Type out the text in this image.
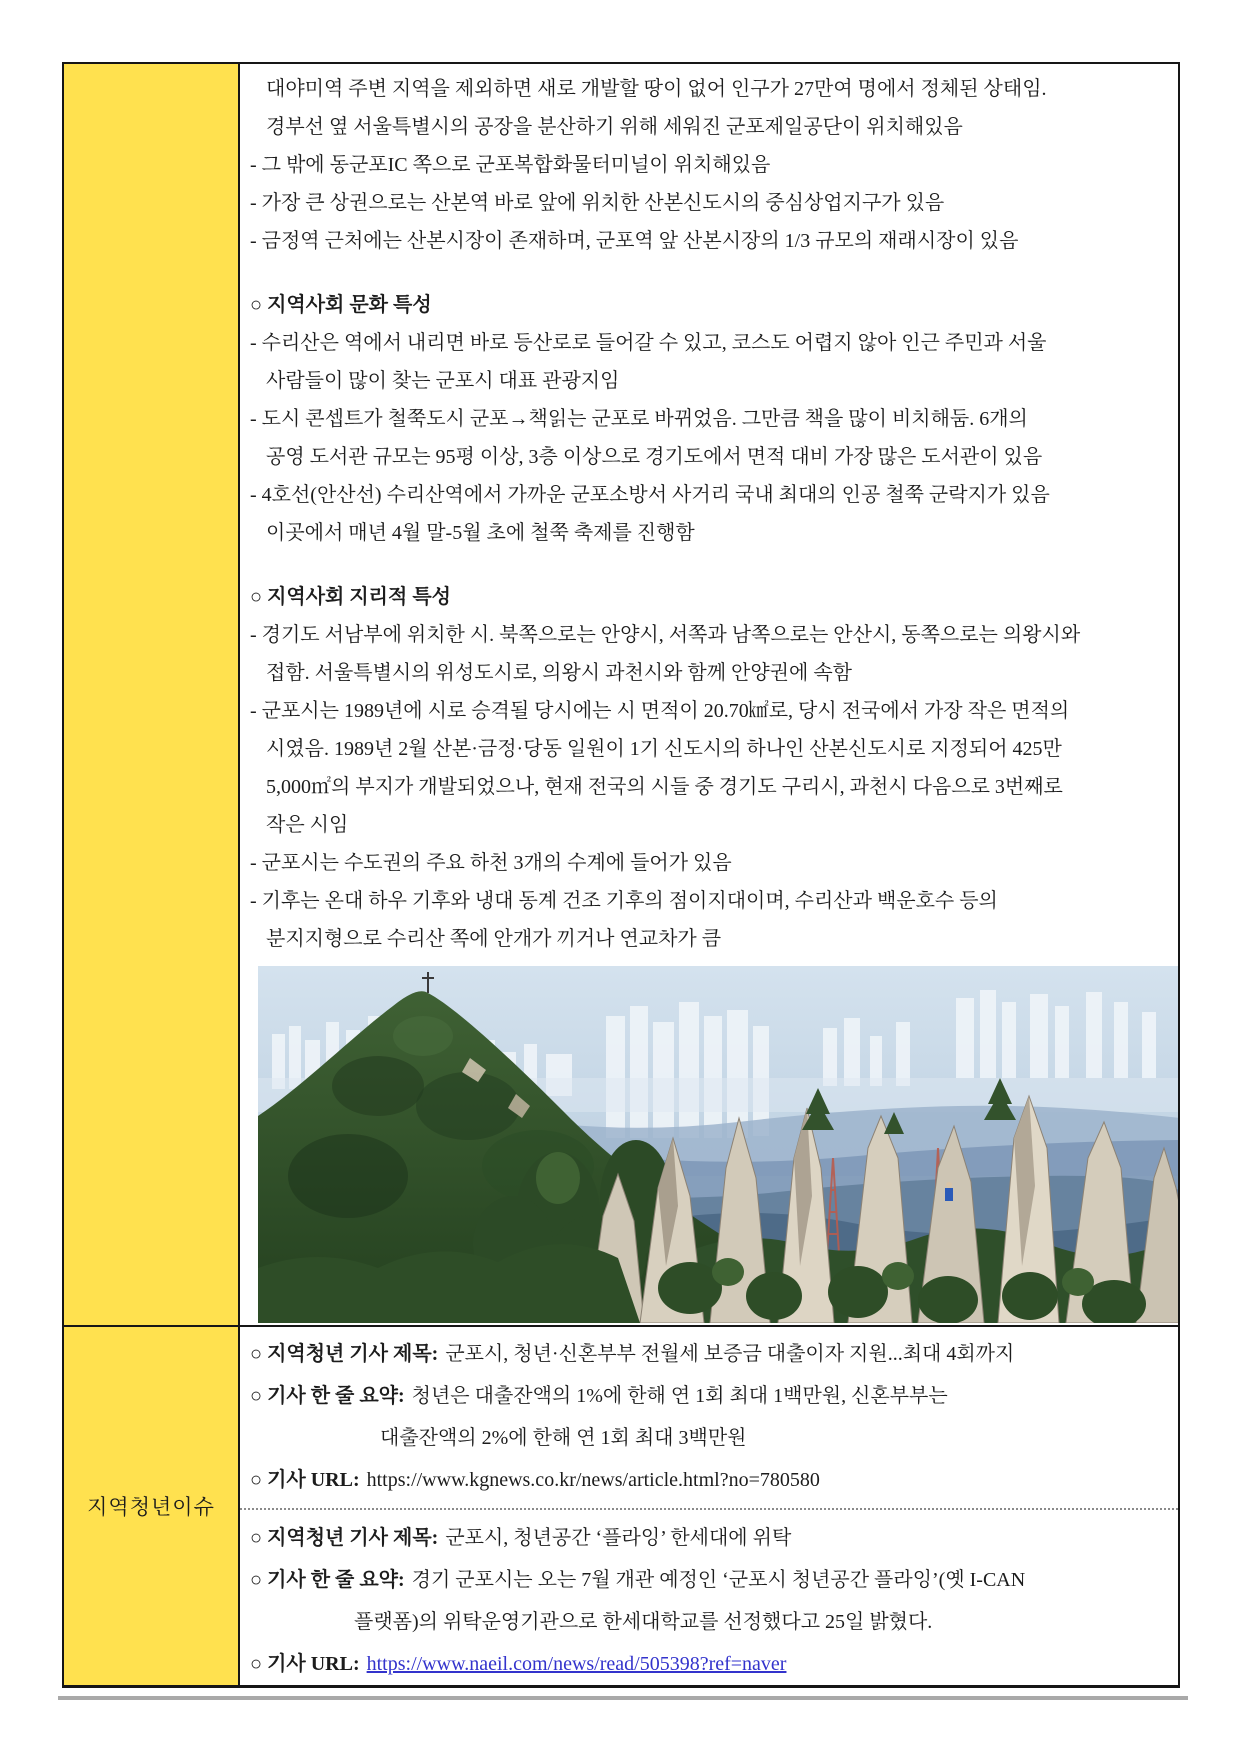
대야미역 주변 지역을 제외하면 새로 개발할 땅이 없어 인구가 27만여 명에서 정체된 상태임.
경부선 옆 서울특별시의 공장을 분산하기 위해 세워진 군포제일공단이 위치해있음
- 그 밖에 동군포IC 쪽으로 군포복합화물터미널이 위치해있음
- 가장 큰 상권으로는 산본역 바로 앞에 위치한 산본신도시의 중심상업지구가 있음
- 금정역 근처에는 산본시장이 존재하며, 군포역 앞 산본시장의 1/3 규모의 재래시장이 있음
○ 지역사회 문화 특성
- 수리산은 역에서 내리면 바로 등산로로 들어갈 수 있고, 코스도 어렵지 않아 인근 주민과 서울
사람들이 많이 찾는 군포시 대표 관광지임
- 도시 콘셉트가 철쭉도시 군포→책읽는 군포로 바뀌었음. 그만큼 책을 많이 비치해둠. 6개의
공영 도서관 규모는 95평 이상, 3층 이상으로 경기도에서 면적 대비 가장 많은 도서관이 있음
- 4호선(안산선) 수리산역에서 가까운 군포소방서 사거리 국내 최대의 인공 철쭉 군락지가 있음
이곳에서 매년 4월 말-5월 초에 철쭉 축제를 진행함
○ 지역사회 지리적 특성
- 경기도 서남부에 위치한 시. 북쪽으로는 안양시, 서쪽과 남쪽으로는 안산시, 동쪽으로는 의왕시와
접함. 서울특별시의 위성도시로, 의왕시 과천시와 함께 안양권에 속함
- 군포시는 1989년에 시로 승격될 당시에는 시 면적이 20.70㎢로, 당시 전국에서 가장 작은 면적의
시였음. 1989년 2월 산본·금정·당동 일원이 1기 신도시의 하나인 산본신도시로 지정되어 425만
5,000㎡의 부지가 개발되었으나, 현재 전국의 시들 중 경기도 구리시, 과천시 다음으로 3번째로
작은 시임
- 군포시는 수도권의 주요 하천 3개의 수계에 들어가 있음
- 기후는 온대 하우 기후와 냉대 동계 건조 기후의 점이지대이며, 수리산과 백운호수 등의
분지지형으로 수리산 쪽에 안개가 끼거나 연교차가 큼
지역청년이슈
○ 지역청년 기사 제목: 군포시, 청년·신혼부부 전월세 보증금 대출이자 지원...최대 4회까지
○ 기사 한 줄 요약: 청년은 대출잔액의 1%에 한해 연 1회 최대 1백만원, 신혼부부는
대출잔액의 2%에 한해 연 1회 최대 3백만원
○ 기사 URL: https://www.kgnews.co.kr/news/article.html?no=780580
○ 지역청년 기사 제목: 군포시, 청년공간 ‘플라잉’ 한세대에 위탁
○ 기사 한 줄 요약: 경기 군포시는 오는 7월 개관 예정인 ‘군포시 청년공간 플라잉’(옛 I-CAN
플랫폼)의 위탁운영기관으로 한세대학교를 선정했다고 25일 밝혔다.
○ 기사 URL: https://www.naeil.com/news/read/505398?ref=naver
